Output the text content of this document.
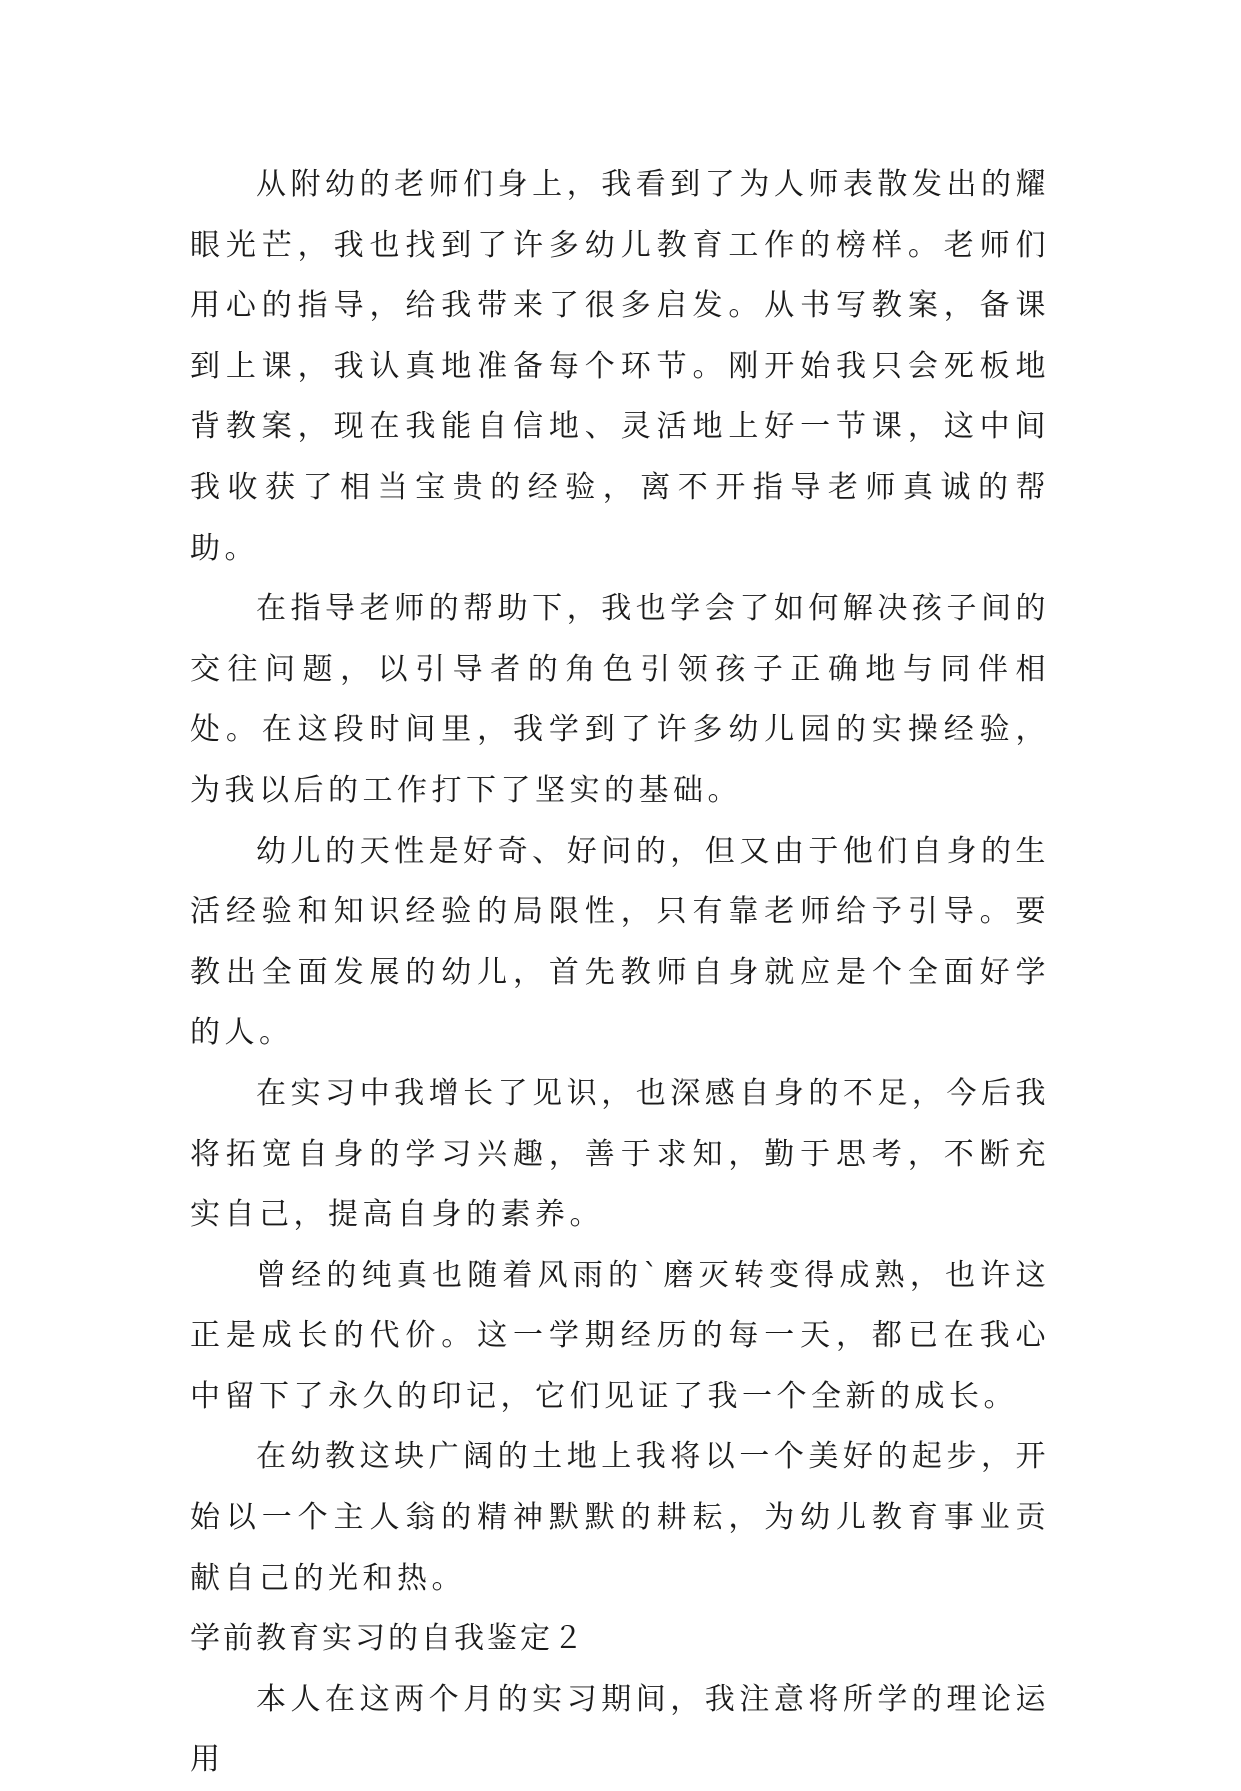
从附幼的老师们身上，我看到了为人师表散发出的耀眼光芒，我也找到了许多幼儿教育工作的榜样。老师们用心的指导，给我带来了很多启发。从书写教案，备课到上课，我认真地准备每个环节。刚开始我只会死板地背教案，现在我能自信地、灵活地上好一节课，这中间我收获了相当宝贵的经验，离不开指导老师真诚的帮助。

在指导老师的帮助下，我也学会了如何解决孩子间的交往问题，以引导者的角色引领孩子正确地与同伴相处。在这段时间里，我学到了许多幼儿园的实操经验，为我以后的工作打下了坚实的基础。

幼儿的天性是好奇、好问的，但又由于他们自身的生活经验和知识经验的局限性，只有靠老师给予引导。要教出全面发展的幼儿，首先教师自身就应是个全面好学的人。

在实习中我增长了见识，也深感自身的不足，今后我将拓宽自身的学习兴趣，善于求知，勤于思考，不断充实自己，提高自身的素养。

曾经的纯真也随着风雨的`磨灭转变得成熟，也许这正是成长的代价。这一学期经历的每一天，都已在我心中留下了永久的印记，它们见证了我一个全新的成长。

在幼教这块广阔的土地上我将以一个美好的起步，开始以一个主人翁的精神默默的耕耘，为幼儿教育事业贡献自己的光和热。

学前教育实习的自我鉴定２

本人在这两个月的实习期间，我注意将所学的理论运用
